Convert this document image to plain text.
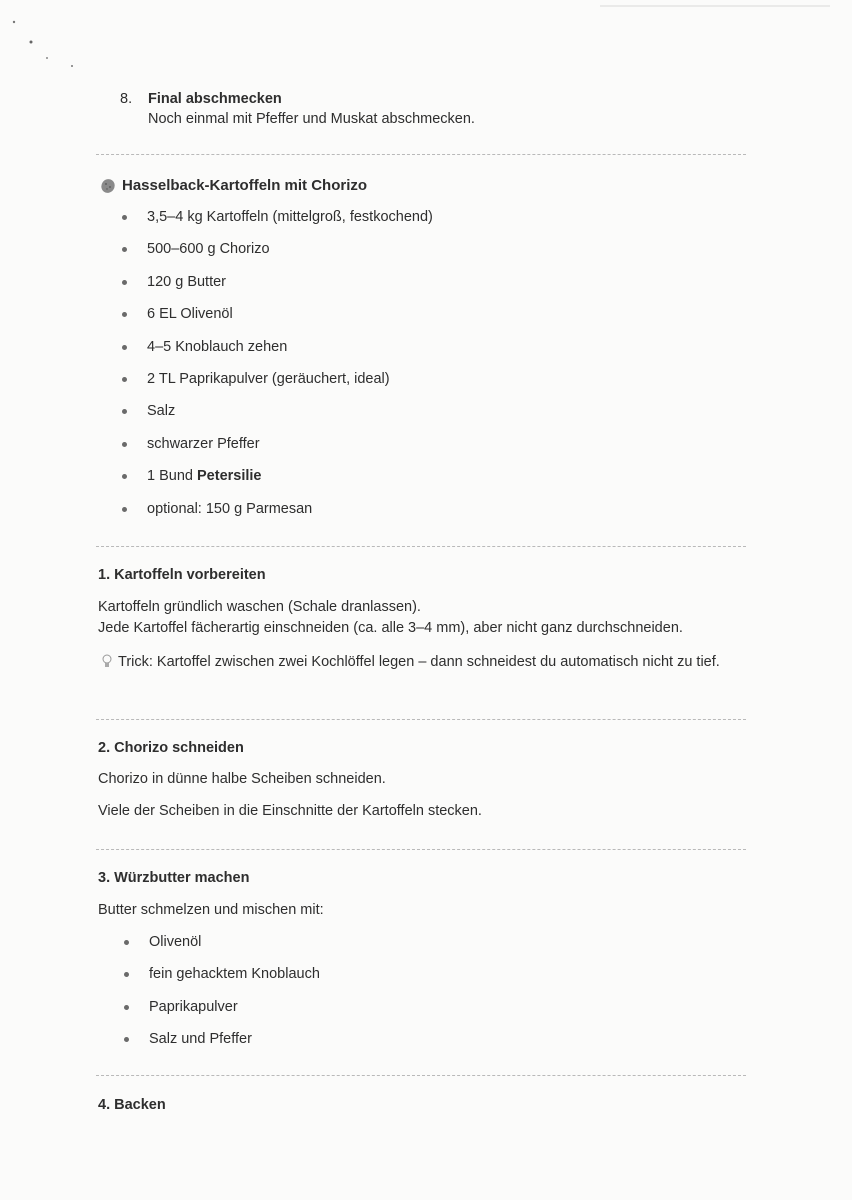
8. Final abschmecken
Noch einmal mit Pfeffer und Muskat abschmecken.
Hasselback-Kartoffeln mit Chorizo
3,5–4 kg Kartoffeln (mittelgroß, festkochend)
500–600 g Chorizo
120 g Butter
6 EL Olivenöl
4–5 Knoblauch zehen
2 TL Paprikapulver (geräuchert, ideal)
Salz
schwarzer Pfeffer
1 Bund Petersilie
optional: 150 g Parmesan
1. Kartoffeln vorbereiten
Kartoffeln gründlich waschen (Schale dranlassen).
Jede Kartoffel fächerartig einschneiden (ca. alle 3–4 mm), aber nicht ganz durchschneiden.
Trick: Kartoffel zwischen zwei Kochlöffel legen – dann schneidest du automatisch nicht zu tief.
2. Chorizo schneiden
Chorizo in dünne halbe Scheiben schneiden.
Viele der Scheiben in die Einschnitte der Kartoffeln stecken.
3. Würzbutter machen
Butter schmelzen und mischen mit:
Olivenöl
fein gehacktem Knoblauch
Paprikapulver
Salz und Pfeffer
4. Backen
